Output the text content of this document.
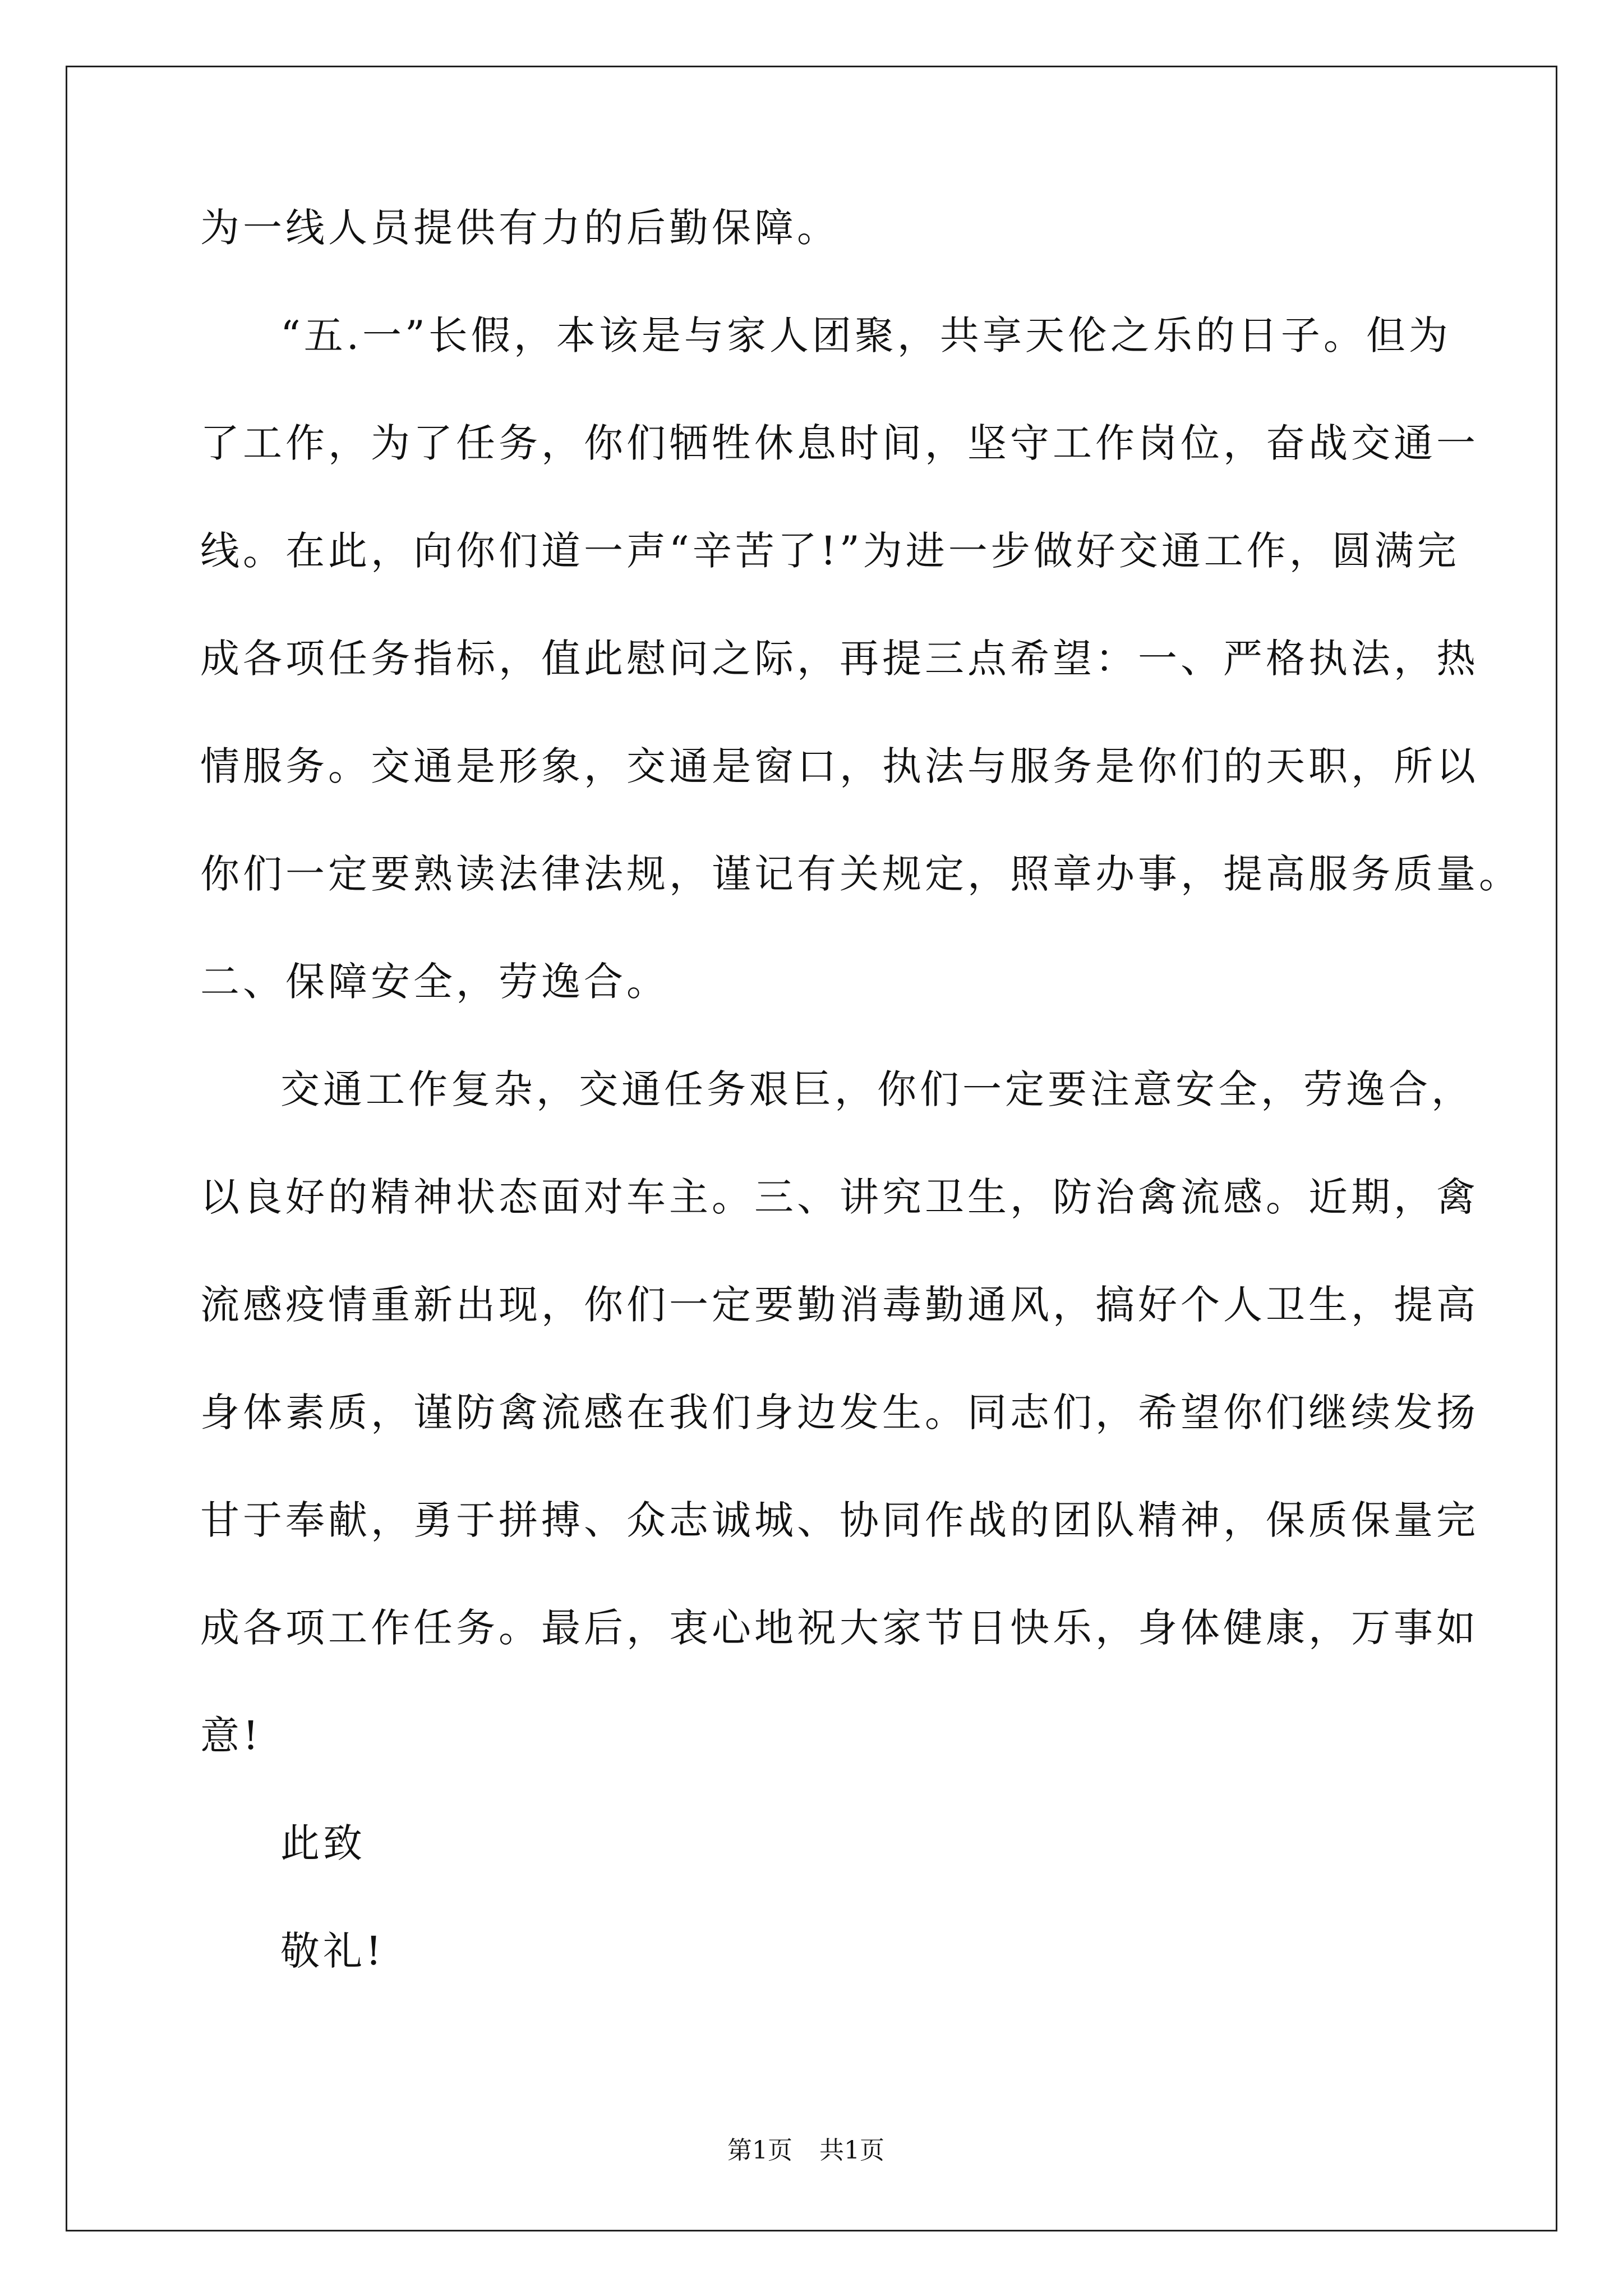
为一线人员提供有力的后勤保障。
“五.一”长假，本该是与家人团聚，共享天伦之乐的日子。但为
了工作，为了任务，你们牺牲休息时间，坚守工作岗位，奋战交通一
线。在此，向你们道一声“辛苦了!”为进一步做好交通工作，圆满完
成各项任务指标，值此慰问之际，再提三点希望：一、严格执法，热
情服务。交通是形象，交通是窗口，执法与服务是你们的天职，所以
你们一定要熟读法律法规，谨记有关规定，照章办事，提高服务质量。
二、保障安全，劳逸合。
交通工作复杂，交通任务艰巨，你们一定要注意安全，劳逸合，
以良好的精神状态面对车主。三、讲究卫生，防治禽流感。近期，禽
流感疫情重新出现，你们一定要勤消毒勤通风，搞好个人卫生，提高
身体素质，谨防禽流感在我们身边发生。同志们，希望你们继续发扬
甘于奉献，勇于拼搏、众志诚城、协同作战的团队精神，保质保量完
成各项工作任务。最后，衷心地祝大家节日快乐，身体健康，万事如
意!
此致
敬礼!
第1页 共1页
